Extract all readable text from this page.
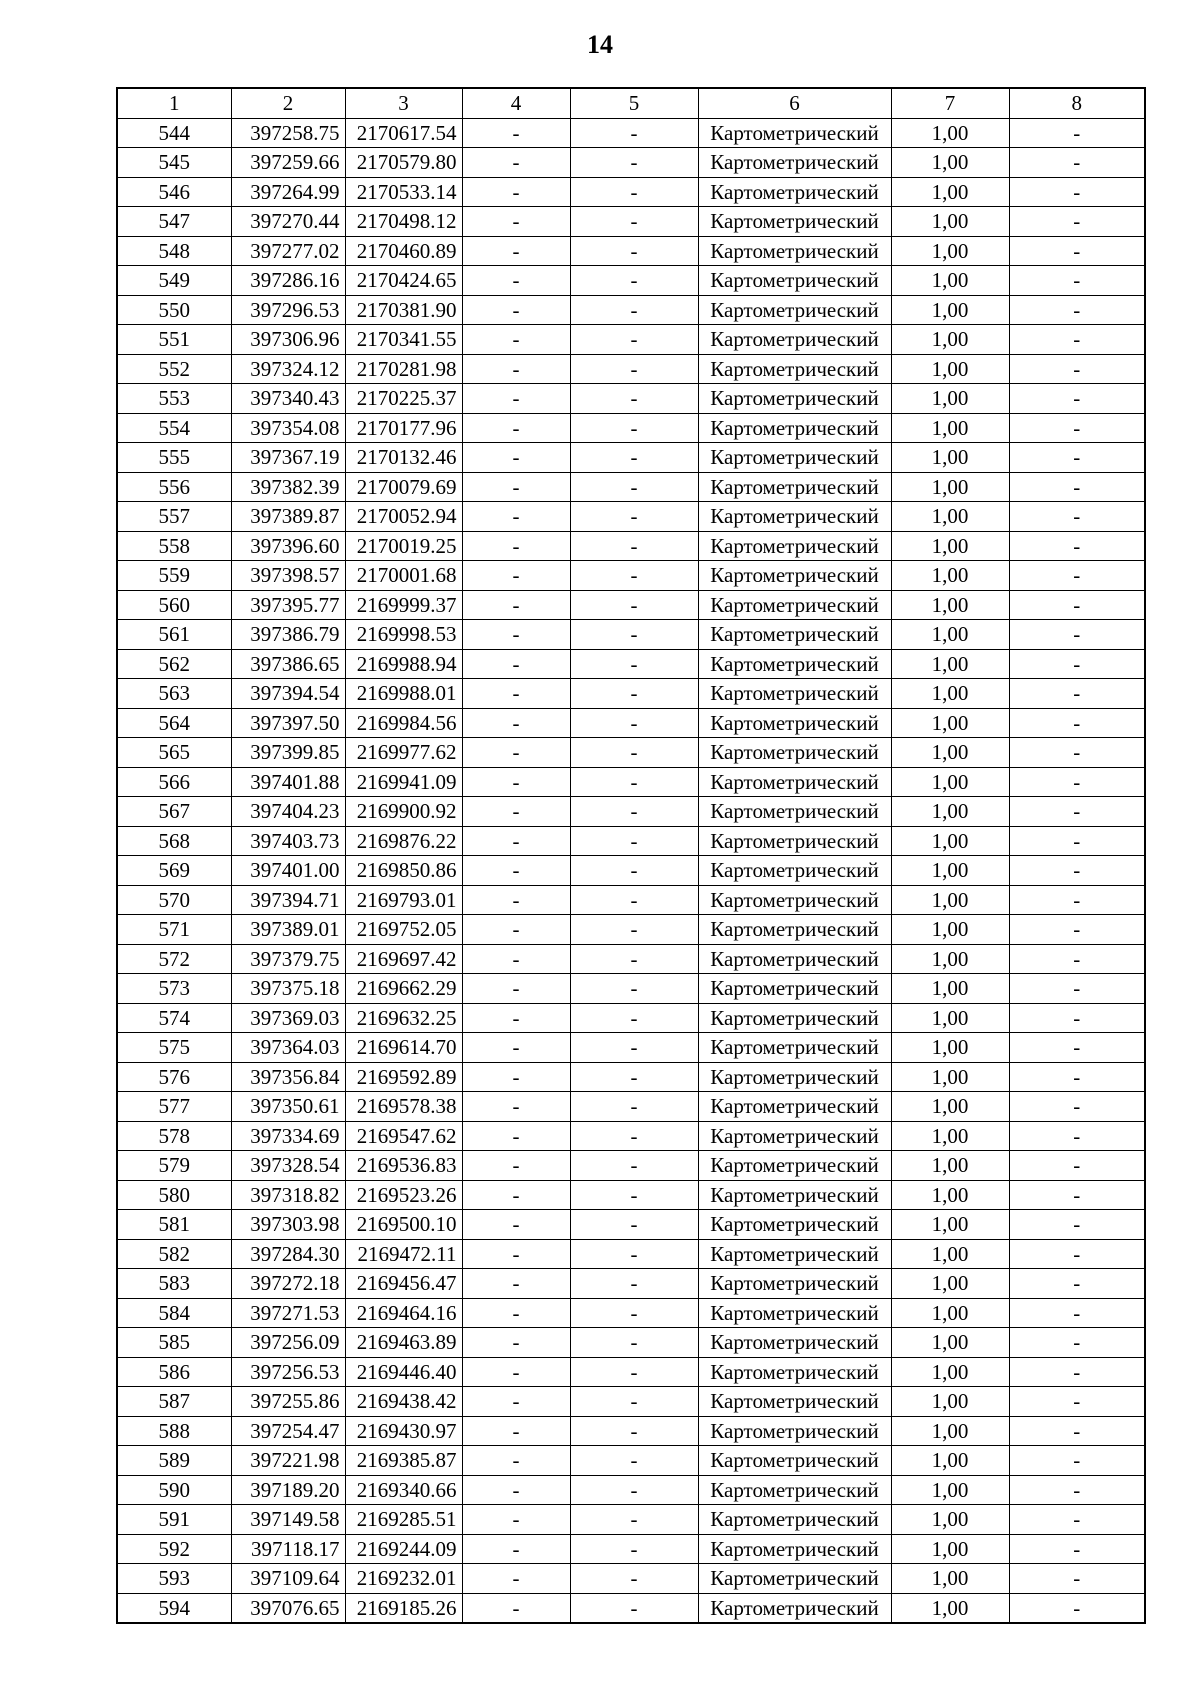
14
1	2	3	4	5	6	7	8
544	397258.75	2170617.54	-	-	Картометрический	1,00	-
545	397259.66	2170579.80	-	-	Картометрический	1,00	-
546	397264.99	2170533.14	-	-	Картометрический	1,00	-
547	397270.44	2170498.12	-	-	Картометрический	1,00	-
548	397277.02	2170460.89	-	-	Картометрический	1,00	-
549	397286.16	2170424.65	-	-	Картометрический	1,00	-
550	397296.53	2170381.90	-	-	Картометрический	1,00	-
551	397306.96	2170341.55	-	-	Картометрический	1,00	-
552	397324.12	2170281.98	-	-	Картометрический	1,00	-
553	397340.43	2170225.37	-	-	Картометрический	1,00	-
554	397354.08	2170177.96	-	-	Картометрический	1,00	-
555	397367.19	2170132.46	-	-	Картометрический	1,00	-
556	397382.39	2170079.69	-	-	Картометрический	1,00	-
557	397389.87	2170052.94	-	-	Картометрический	1,00	-
558	397396.60	2170019.25	-	-	Картометрический	1,00	-
559	397398.57	2170001.68	-	-	Картометрический	1,00	-
560	397395.77	2169999.37	-	-	Картометрический	1,00	-
561	397386.79	2169998.53	-	-	Картометрический	1,00	-
562	397386.65	2169988.94	-	-	Картометрический	1,00	-
563	397394.54	2169988.01	-	-	Картометрический	1,00	-
564	397397.50	2169984.56	-	-	Картометрический	1,00	-
565	397399.85	2169977.62	-	-	Картометрический	1,00	-
566	397401.88	2169941.09	-	-	Картометрический	1,00	-
567	397404.23	2169900.92	-	-	Картометрический	1,00	-
568	397403.73	2169876.22	-	-	Картометрический	1,00	-
569	397401.00	2169850.86	-	-	Картометрический	1,00	-
570	397394.71	2169793.01	-	-	Картометрический	1,00	-
571	397389.01	2169752.05	-	-	Картометрический	1,00	-
572	397379.75	2169697.42	-	-	Картометрический	1,00	-
573	397375.18	2169662.29	-	-	Картометрический	1,00	-
574	397369.03	2169632.25	-	-	Картометрический	1,00	-
575	397364.03	2169614.70	-	-	Картометрический	1,00	-
576	397356.84	2169592.89	-	-	Картометрический	1,00	-
577	397350.61	2169578.38	-	-	Картометрический	1,00	-
578	397334.69	2169547.62	-	-	Картометрический	1,00	-
579	397328.54	2169536.83	-	-	Картометрический	1,00	-
580	397318.82	2169523.26	-	-	Картометрический	1,00	-
581	397303.98	2169500.10	-	-	Картометрический	1,00	-
582	397284.30	2169472.11	-	-	Картометрический	1,00	-
583	397272.18	2169456.47	-	-	Картометрический	1,00	-
584	397271.53	2169464.16	-	-	Картометрический	1,00	-
585	397256.09	2169463.89	-	-	Картометрический	1,00	-
586	397256.53	2169446.40	-	-	Картометрический	1,00	-
587	397255.86	2169438.42	-	-	Картометрический	1,00	-
588	397254.47	2169430.97	-	-	Картометрический	1,00	-
589	397221.98	2169385.87	-	-	Картометрический	1,00	-
590	397189.20	2169340.66	-	-	Картометрический	1,00	-
591	397149.58	2169285.51	-	-	Картометрический	1,00	-
592	397118.17	2169244.09	-	-	Картометрический	1,00	-
593	397109.64	2169232.01	-	-	Картометрический	1,00	-
594	397076.65	2169185.26	-	-	Картометрический	1,00	-
